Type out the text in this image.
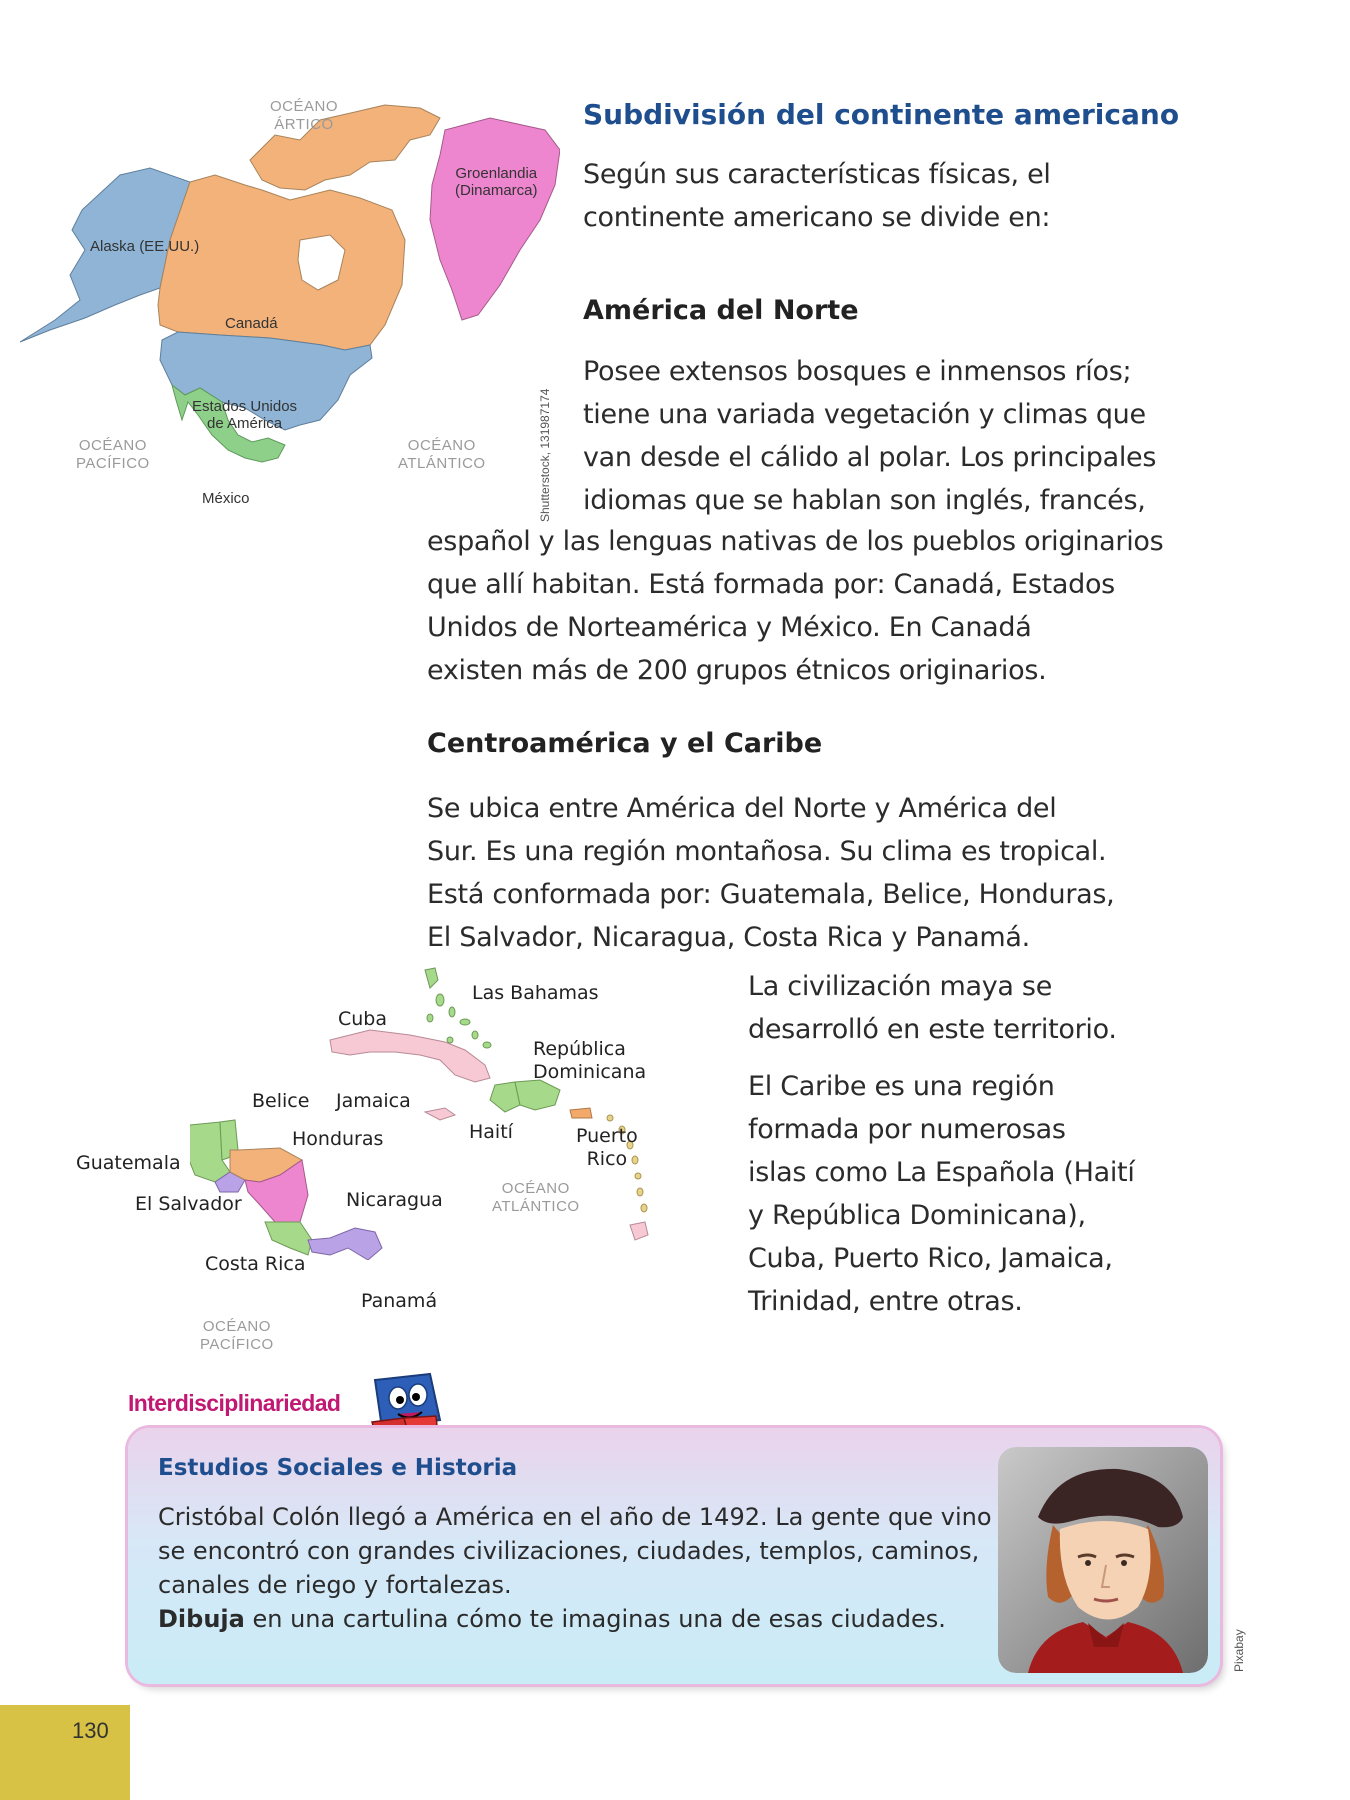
OCÉANO
ÁRTICO
Groenlandia
(Dinamarca)
Alaska (EE.UU.)
Canadá
Estados Unidos
de América
OCÉANO
PACÍFICO
OCÉANO
ATLÁNTICO
México	Shutterstock, 131987174
Subdivisión del continente americano

Según sus características físicas, el continente americano se divide en:

América del Norte

Posee extensos bosques e inmensos ríos;

tiene una variada vegetación y climas que

van desde el cálido al polar. Los principales

idiomas que se hablan son inglés, francés,

español y las lenguas nativas de los pueblos originarios

que allí habitan. Está formada por: Canadá, Estados

Unidos de Norteamérica y México. En Canadá

existen más de 200 grupos étnicos originarios.

Centroamérica y el Caribe

Se ubica entre América del Norte y América del

Sur. Es una región montañosa. Su clima es tropical.

Está conformada por: Guatemala, Belice, Honduras,

El Salvador, Nicaragua, Costa Rica y Panamá.

La civilización maya se

desarrolló en este territorio.

El Caribe es una región

formada por numerosas

islas como La Española (Haití

y República Dominicana),

Cuba, Puerto Rico, Jamaica,

Trinidad, entre otras.

Las Bahamas
Cuba
República
Dominicana
Belice Jamaica
Honduras	Haití	Puerto
Rico
Guatemala
El Salvador	Nicaragua
OCÉANO
ATLÁNTICO
Costa Rica
Panamá
OCÉANO
PACÍFICO
Interdisciplinariedad
Estudios Sociales e Historia

Cristóbal Colón llegó a América en el año de 1492. La gente que vino se encontró con grandes civilizaciones, ciudades, templos, caminos, canales de riego y fortalezas.
Dibuja en una cartulina cómo te imaginas una de esas ciudades.

Pixabay
130
